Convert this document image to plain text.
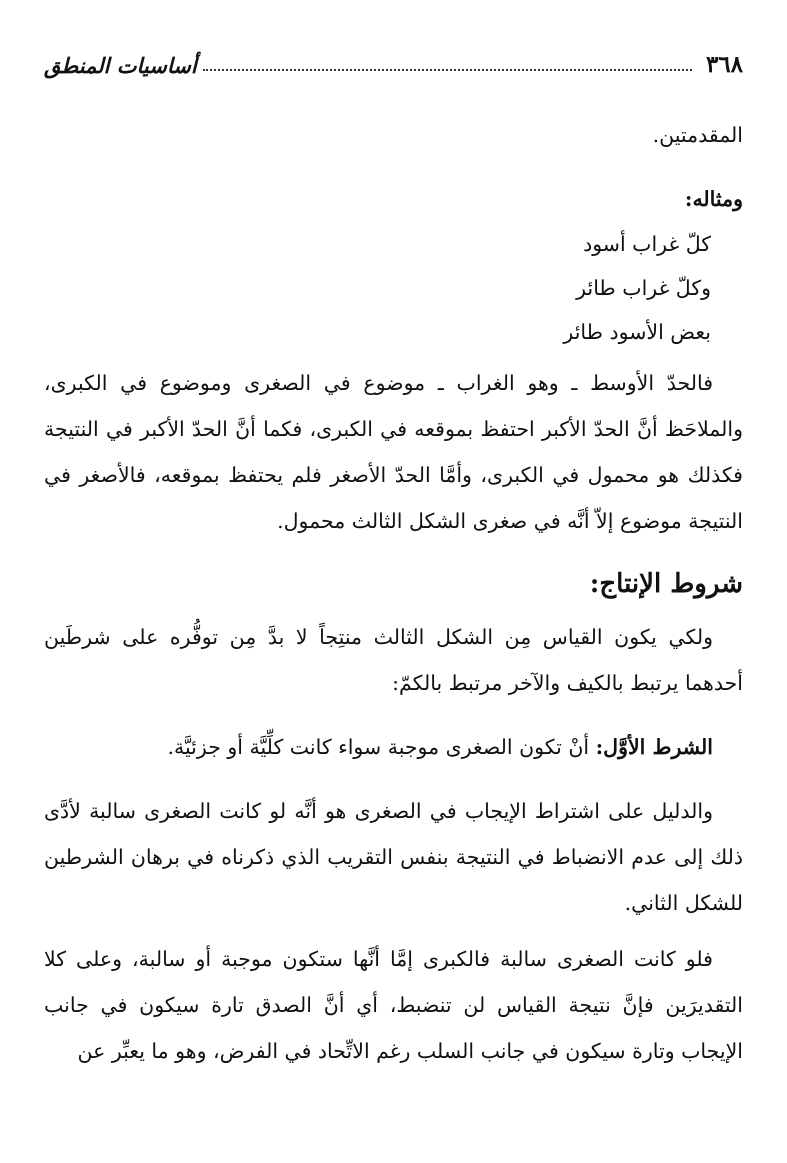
٣٦٨
أساسيات المنطق

المقدمتين.

ومثاله:

كلّ غراب أسود

وكلّ غراب طائر

بعض الأسود طائر

فالحدّ الأوسط ـ وهو الغراب ـ موضوع في الصغرى وموضوع في الكبرى، والملاحَظ أنَّ الحدّ الأكبر احتفظ بموقعه في الكبرى، فكما أنَّ الحدّ الأكبر في النتيجة فكذلك هو محمول في الكبرى، وأمَّا الحدّ الأصغر فلم يحتفظ بموقعه، فالأصغر في النتيجة موضوع إلاّ أنَّه في صغرى الشكل الثالث محمول.

شروط الإنتاج:

ولكي يكون القياس مِن الشكل الثالث منتِجاً لا بدَّ مِن توفُّره على شرطَين أحدهما يرتبط بالكيف والآخر مرتبط بالكمّ:

الشرط الأوَّل: أنْ تكون الصغرى موجبة سواء كانت كلِّيَّة أو جزئيَّة.

والدليل على اشتراط الإيجاب في الصغرى هو أنَّه لو كانت الصغرى سالبة لأدَّى ذلك إلى عدم الانضباط في النتيجة بنفس التقريب الذي ذكرناه في برهان الشرطين للشكل الثاني.

فلو كانت الصغرى سالبة فالكبرى إمَّا أنَّها ستكون موجبة أو سالبة، وعلى كلا التقديرَين فإنَّ نتيجة القياس لن تنضبط، أي أنَّ الصدق تارة سيكون في جانب الإيجاب وتارة سيكون في جانب السلب رغم الاتِّحاد في الفرض، وهو ما يعبِّر عن
